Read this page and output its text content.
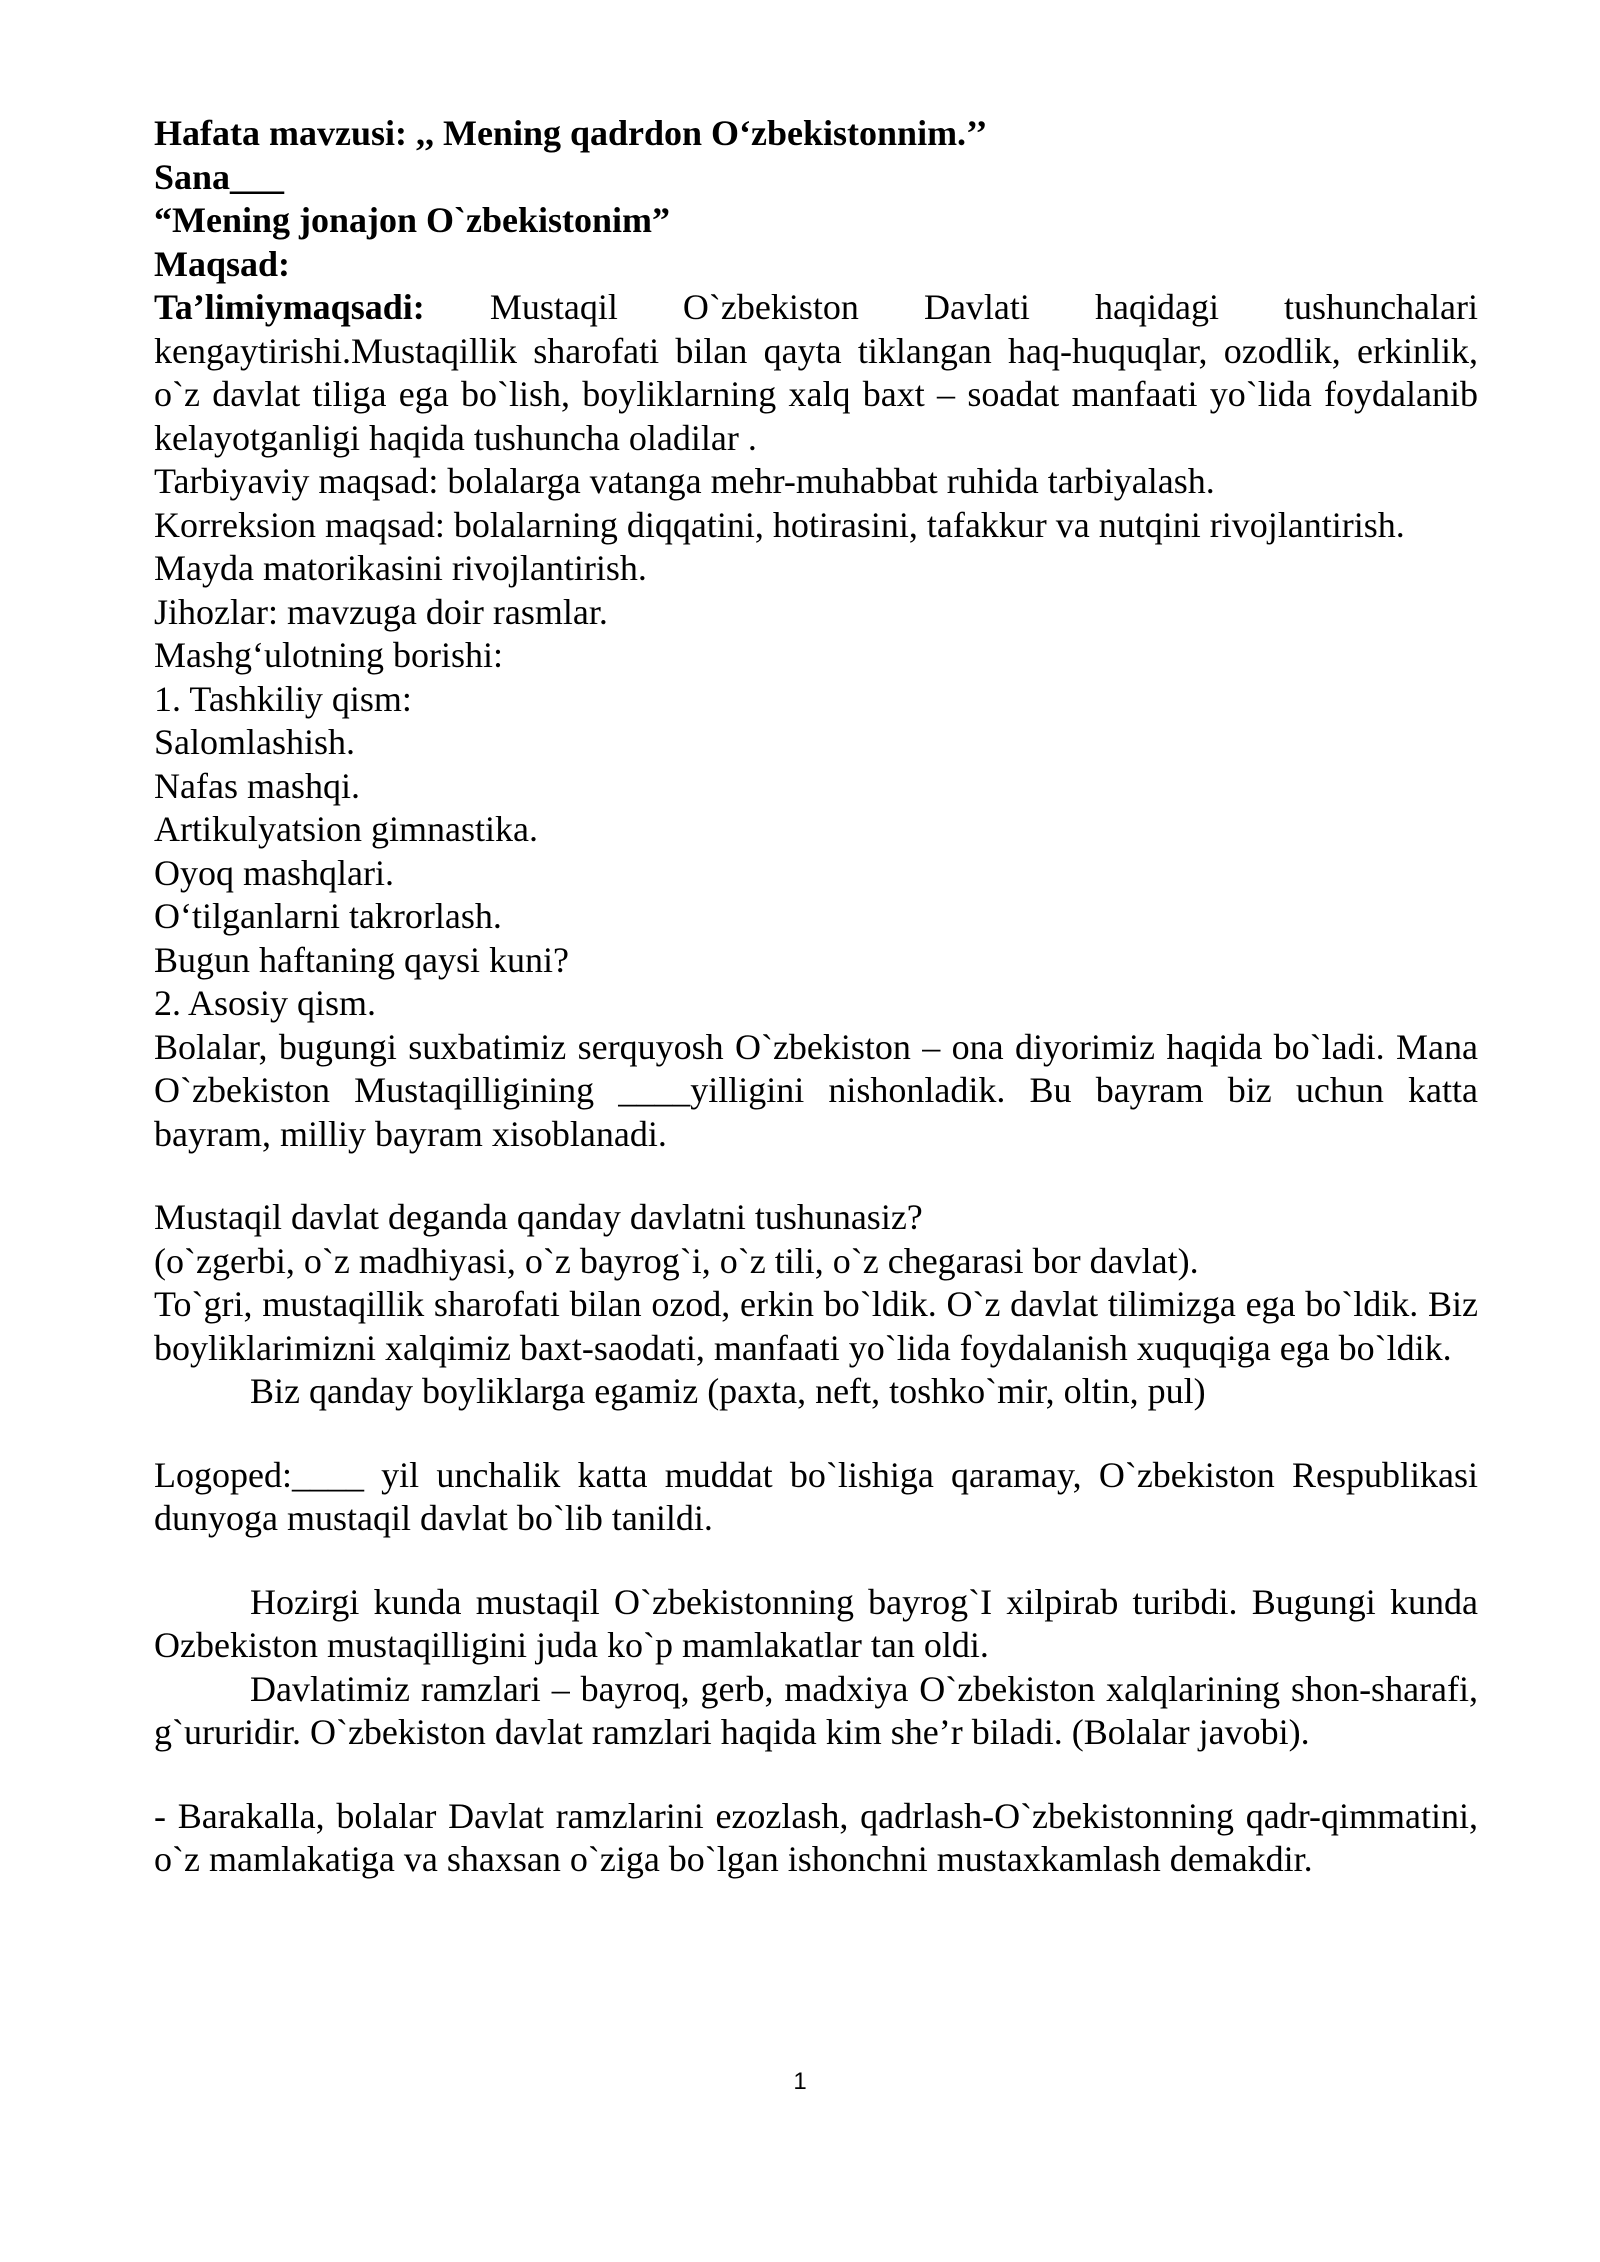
Hafata mavzusi: ,, Mening qadrdon O‘zbekistonnim.’’

Sana___

“Mening jonajon O`zbekistonim”

Maqsad:

Ta’limiymaqsadi: Mustaqil O`zbekiston Davlati haqidagi tushunchalari kengaytirishi.Mustaqillik sharofati bilan qayta tiklangan haq-huquqlar, ozodlik, erkinlik, o`z davlat tiliga ega bo`lish, boyliklarning xalq baxt – soadat manfaati yo`lida foydalanib kelayotganligi haqida tushuncha oladilar .

Tarbiyaviy maqsad: bolalarga vatanga mehr-muhabbat ruhida tarbiyalash.

Korreksion maqsad: bolalarning diqqatini, hotirasini, tafakkur va nutqini rivojlantirish.

Mayda matorikasini rivojlantirish.

Jihozlar: mavzuga doir rasmlar.

Mashg‘ulotning borishi:

1. Tashkiliy qism:

Salomlashish.

Nafas mashqi.

Artikulyatsion gimnastika.

Oyoq mashqlari.

O‘tilganlarni takrorlash.

Bugun haftaning qaysi kuni?

2. Asosiy qism.

Bolalar, bugungi suxbatimiz serquyosh O`zbekiston – ona diyorimiz haqida bo`ladi. Mana O`zbekiston Mustaqilligining ____yilligini nishonladik. Bu bayram biz uchun katta bayram, milliy bayram xisoblanadi.

Mustaqil davlat deganda qanday davlatni tushunasiz?

(o`zgerbi, o`z madhiyasi, o`z bayrog`i, o`z tili, o`z chegarasi bor davlat).

To`gri, mustaqillik sharofati bilan ozod, erkin bo`ldik. O`z davlat tilimizga ega bo`ldik. Biz boyliklarimizni xalqimiz baxt-saodati, manfaati yo`lida foydalanish xuquqiga ega bo`ldik.

Biz qanday boyliklarga egamiz (paxta, neft, toshko`mir, oltin, pul)

Logoped:____ yil unchalik katta muddat bo`lishiga qaramay, O`zbekiston Respublikasi dunyoga mustaqil davlat bo`lib tanildi.

Hozirgi kunda mustaqil O`zbekistonning bayrog`I xilpirab turibdi. Bugungi kunda Ozbekiston mustaqilligini juda ko`p mamlakatlar tan oldi.

Davlatimiz ramzlari – bayroq, gerb, madxiya O`zbekiston xalqlarining shon-sharafi, g`ururidir. O`zbekiston davlat ramzlari haqida kim she’r biladi. (Bolalar javobi).

- Barakalla, bolalar Davlat ramzlarini ezozlash, qadrlash-O`zbekistonning qadr-qimmatini, o`z mamlakatiga va shaxsan o`ziga bo`lgan ishonchni mustaxkamlash demakdir.

1
